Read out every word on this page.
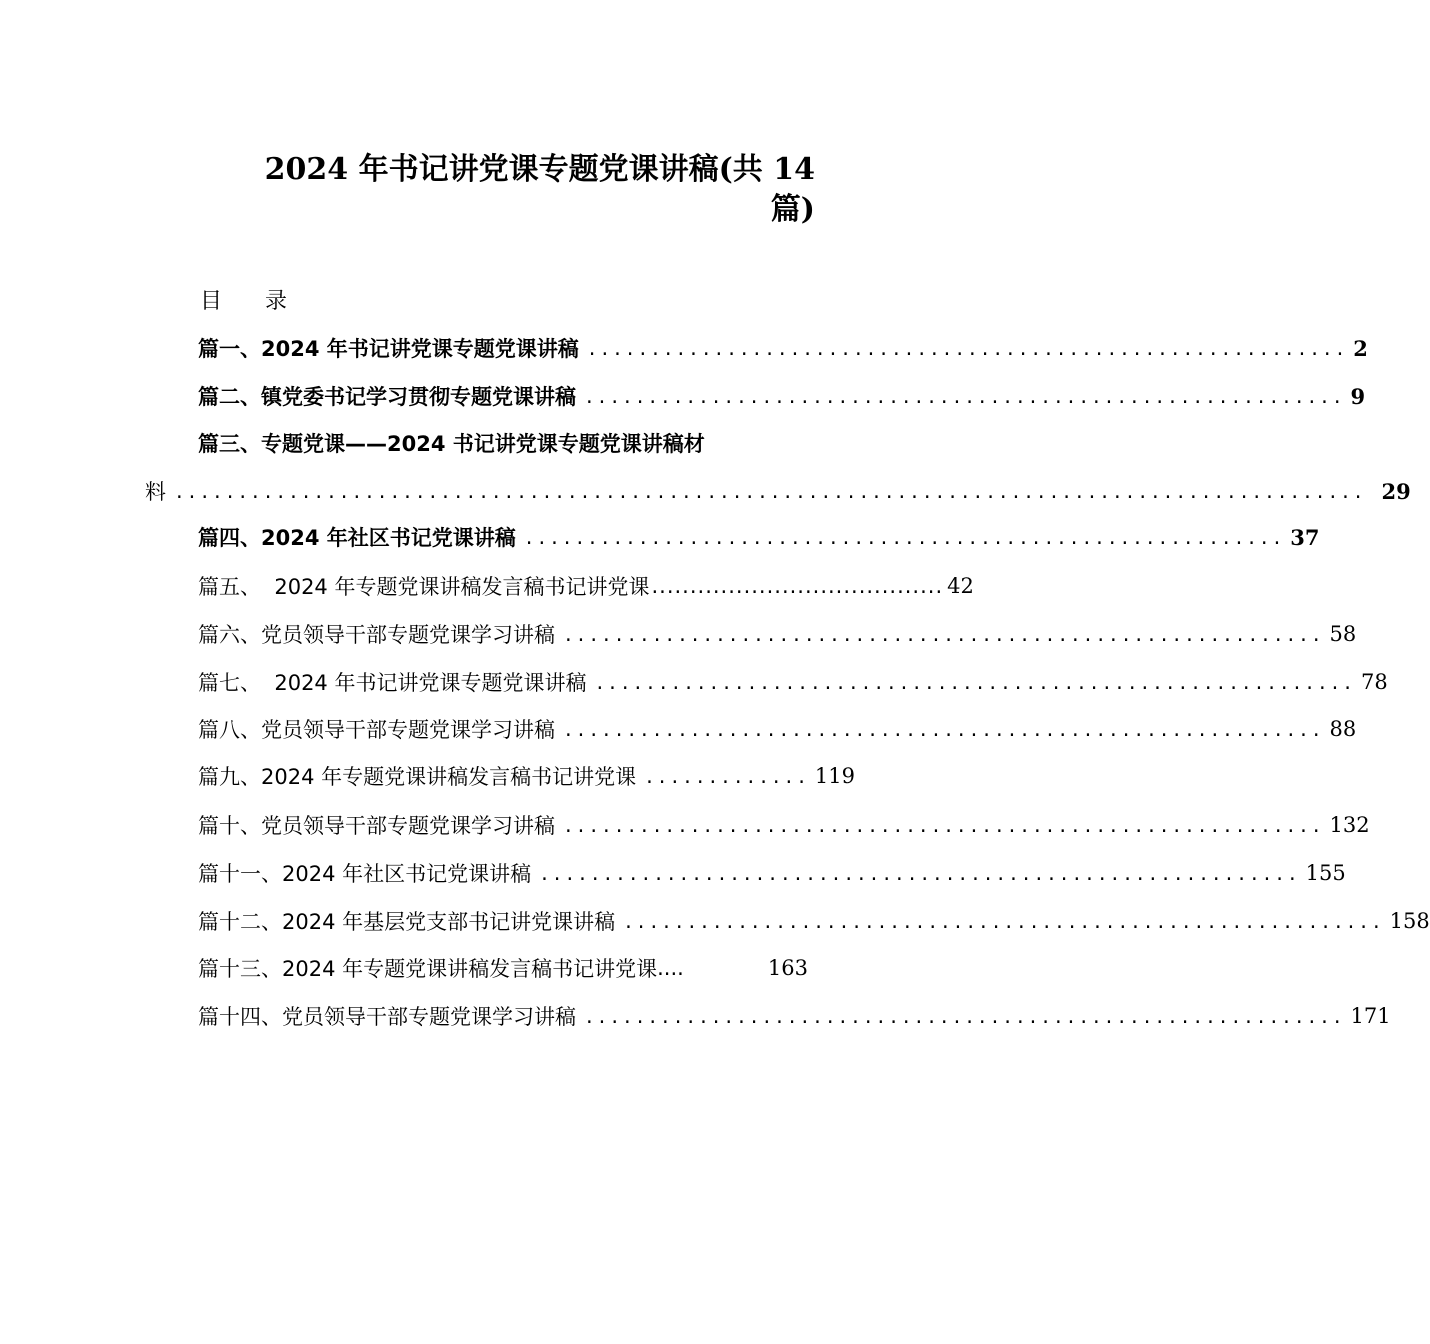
2024 年书记讲党课专题党课讲稿(共 14
篇)
目 录
篇一、2024 年书记讲党课专题党课讲稿 ............................................................ 2
篇二、镇党委书记学习贯彻专题党课讲稿 ............................................................ 9
篇三、专题党课——2024 书记讲党课专题党课讲稿材
料 .............................................................................................. 29
篇四、2024 年社区书记党课讲稿 ............................................................ 37
篇五、  2024 年专题党课讲稿发言稿书记讲党课 ...................................... 42
篇六、党员领导干部专题党课学习讲稿 ............................................................ 58
篇七、  2024 年书记讲党课专题党课讲稿 ............................................................ 78
篇八、党员领导干部专题党课学习讲稿 ............................................................ 88
篇九、2024 年专题党课讲稿发言稿书记讲党课 ............. 119
篇十、党员领导干部专题党课学习讲稿 ............................................................ 132
篇十一、2024 年社区书记党课讲稿 ............................................................ 155
篇十二、2024 年基层党支部书记讲党课讲稿 ............................................................ 158
篇十三、2024 年专题党课讲稿发言稿书记讲党课 ....	163
篇十四、党员领导干部专题党课学习讲稿 ............................................................ 171
